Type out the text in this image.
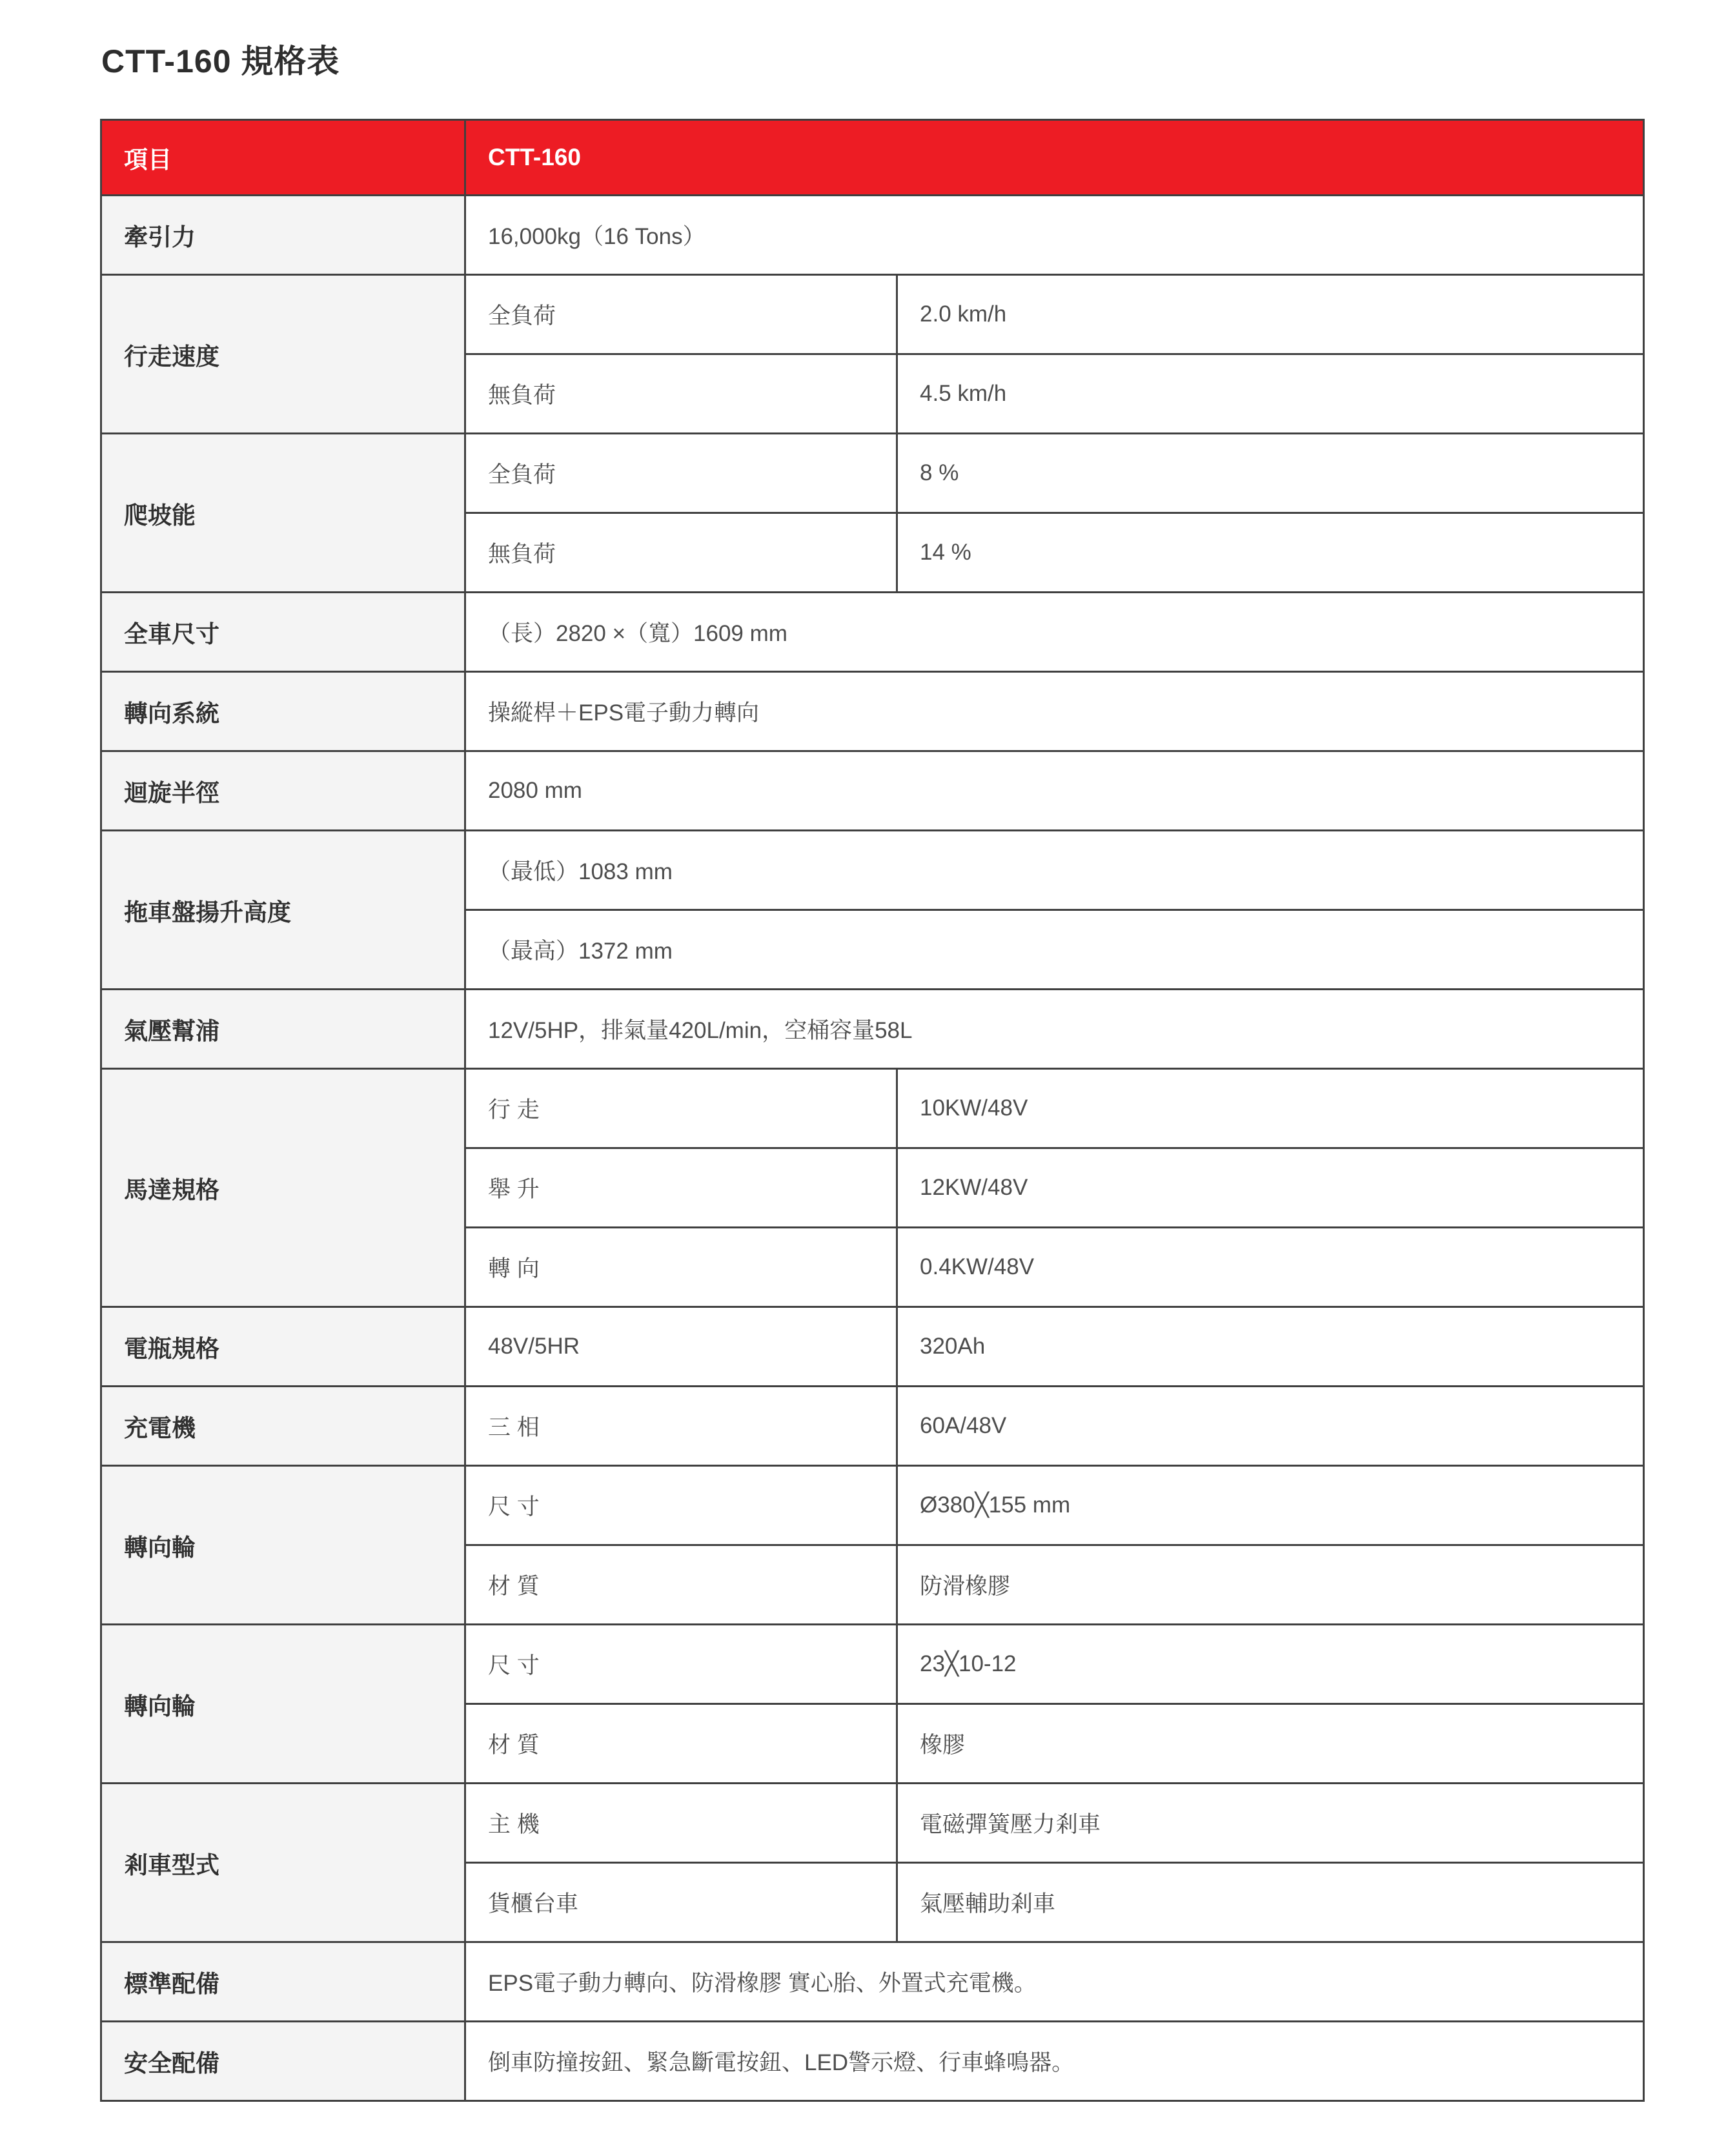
CTT-160 規格表
項目	CTT-160	
牽引力	16,000kg（16 Tons）	
行走速度	全負荷	2.0 km/h
	無負荷	4.5 km/h
爬坡能	全負荷	8 %
	無負荷	14 %
全車尺寸	（長）2820 ×（寬）1609 mm	
轉向系統	操縱桿＋EPS電子動力轉向	
迴旋半徑	2080 mm	
拖車盤揚升高度	（最低）1083 mm	
	（最高）1372 mm	
氣壓幫浦	12V/5HP，排氣量420L/min，空桶容量58L	
馬達規格	行 走	10KW/48V
	舉 升	12KW/48V
	轉 向	0.4KW/48V
電瓶規格	48V/5HR	320Ah
充電機	三 相	60A/48V
轉向輪	尺 寸	Ø380╳155 mm
	材 質	防滑橡膠
轉向輪	尺 寸	23╳10-12
	材 質	橡膠
剎車型式	主 機	電磁彈簧壓力剎車
	貨櫃台車	氣壓輔助剎車
標準配備	EPS電子動力轉向、防滑橡膠 實心胎、外置式充電機。	
安全配備	倒車防撞按鈕、緊急斷電按鈕、LED警示燈、行車蜂鳴器。	
